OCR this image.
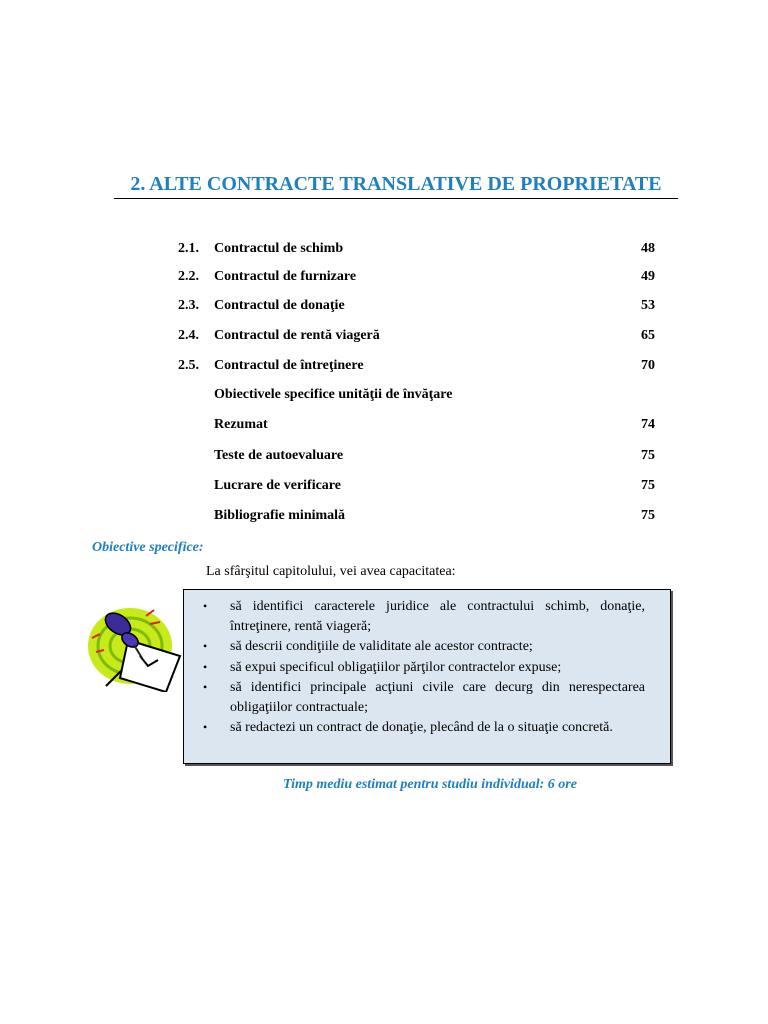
2. ALTE CONTRACTE TRANSLATIVE DE PROPRIETATE
2.1. Contractul de schimb	48
2.2. Contractul de furnizare	49
2.3. Contractul de donaţie	53
2.4. Contractul de rentă viageră	65
2.5. Contractul de întreţinere	70
Obiectivele specifice unităţii de învăţare
Rezumat	74
Teste de autoevaluare	75
Lucrare de verificare	75
Bibliografie minimală	75
Obiective specifice:
La sfârşitul capitolului, vei avea capacitatea:
• să identifici caracterele juridice ale contractului schimb, donaţie, întreţinere, rentă viageră;
• să descrii condiţiile de validitate ale acestor contracte;
• să expui specificul obligaţiilor părţilor contractelor expuse;
• să identifici principale acţiuni civile care decurg din nerespectarea obligaţiilor contractuale;
• să redactezi un contract de donaţie, plecând de la o situaţie concretă.
Timp mediu estimat pentru studiu individual: 6 ore
